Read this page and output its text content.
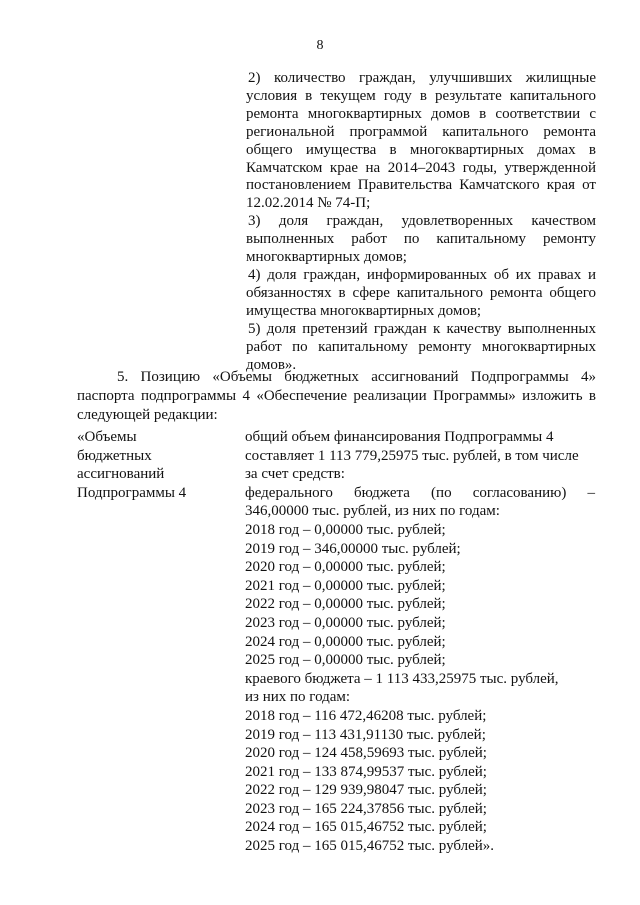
8

2) количество граждан, улучшивших жилищные условия в текущем году в результате капитального ремонта многоквартирных домов в соответствии с региональной программой капитального ремонта общего имущества в многоквартирных домах в Камчатском крае на 2014–2043 годы, утвержденной постановлением Правительства Камчатского края от 12.02.2014 № 74-П;

3) доля граждан, удовлетворенных качеством выполненных работ по капитальному ремонту многоквартирных домов;

4) доля граждан, информированных об их правах и обязанностях в сфере капитального ремонта общего имущества многоквартирных домов;

5) доля претензий граждан к качеству выполненных работ по капитальному ремонту многоквартирных домов».

5. Позицию «Объемы бюджетных ассигнований Подпрограммы 4» паспорта подпрограммы 4 «Обеспечение реализации Программы» изложить в следующей редакции:
«Объемы бюджетных
ассигнований
Подпрограммы 4
общий объем финансирования Подпрограммы 4
составляет 1 113 779,25975 тыс. рублей, в том числе
за счет средств:
федерального бюджета (по согласованию) –
346,00000 тыс. рублей, из них по годам:
2018 год – 0,00000 тыс. рублей;
2019 год – 346,00000 тыс. рублей;
2020 год – 0,00000 тыс. рублей;
2021 год – 0,00000 тыс. рублей;
2022 год – 0,00000 тыс. рублей;
2023 год – 0,00000 тыс. рублей;
2024 год – 0,00000 тыс. рублей;
2025 год – 0,00000 тыс. рублей;
краевого бюджета – 1 113 433,25975 тыс. рублей,
из них по годам:
2018 год – 116 472,46208 тыс. рублей;
2019 год – 113 431,91130 тыс. рублей;
2020 год – 124 458,59693 тыс. рублей;
2021 год – 133 874,99537 тыс. рублей;
2022 год – 129 939,98047 тыс. рублей;
2023 год – 165 224,37856 тыс. рублей;
2024 год – 165 015,46752 тыс. рублей;
2025 год – 165 015,46752 тыс. рублей».
